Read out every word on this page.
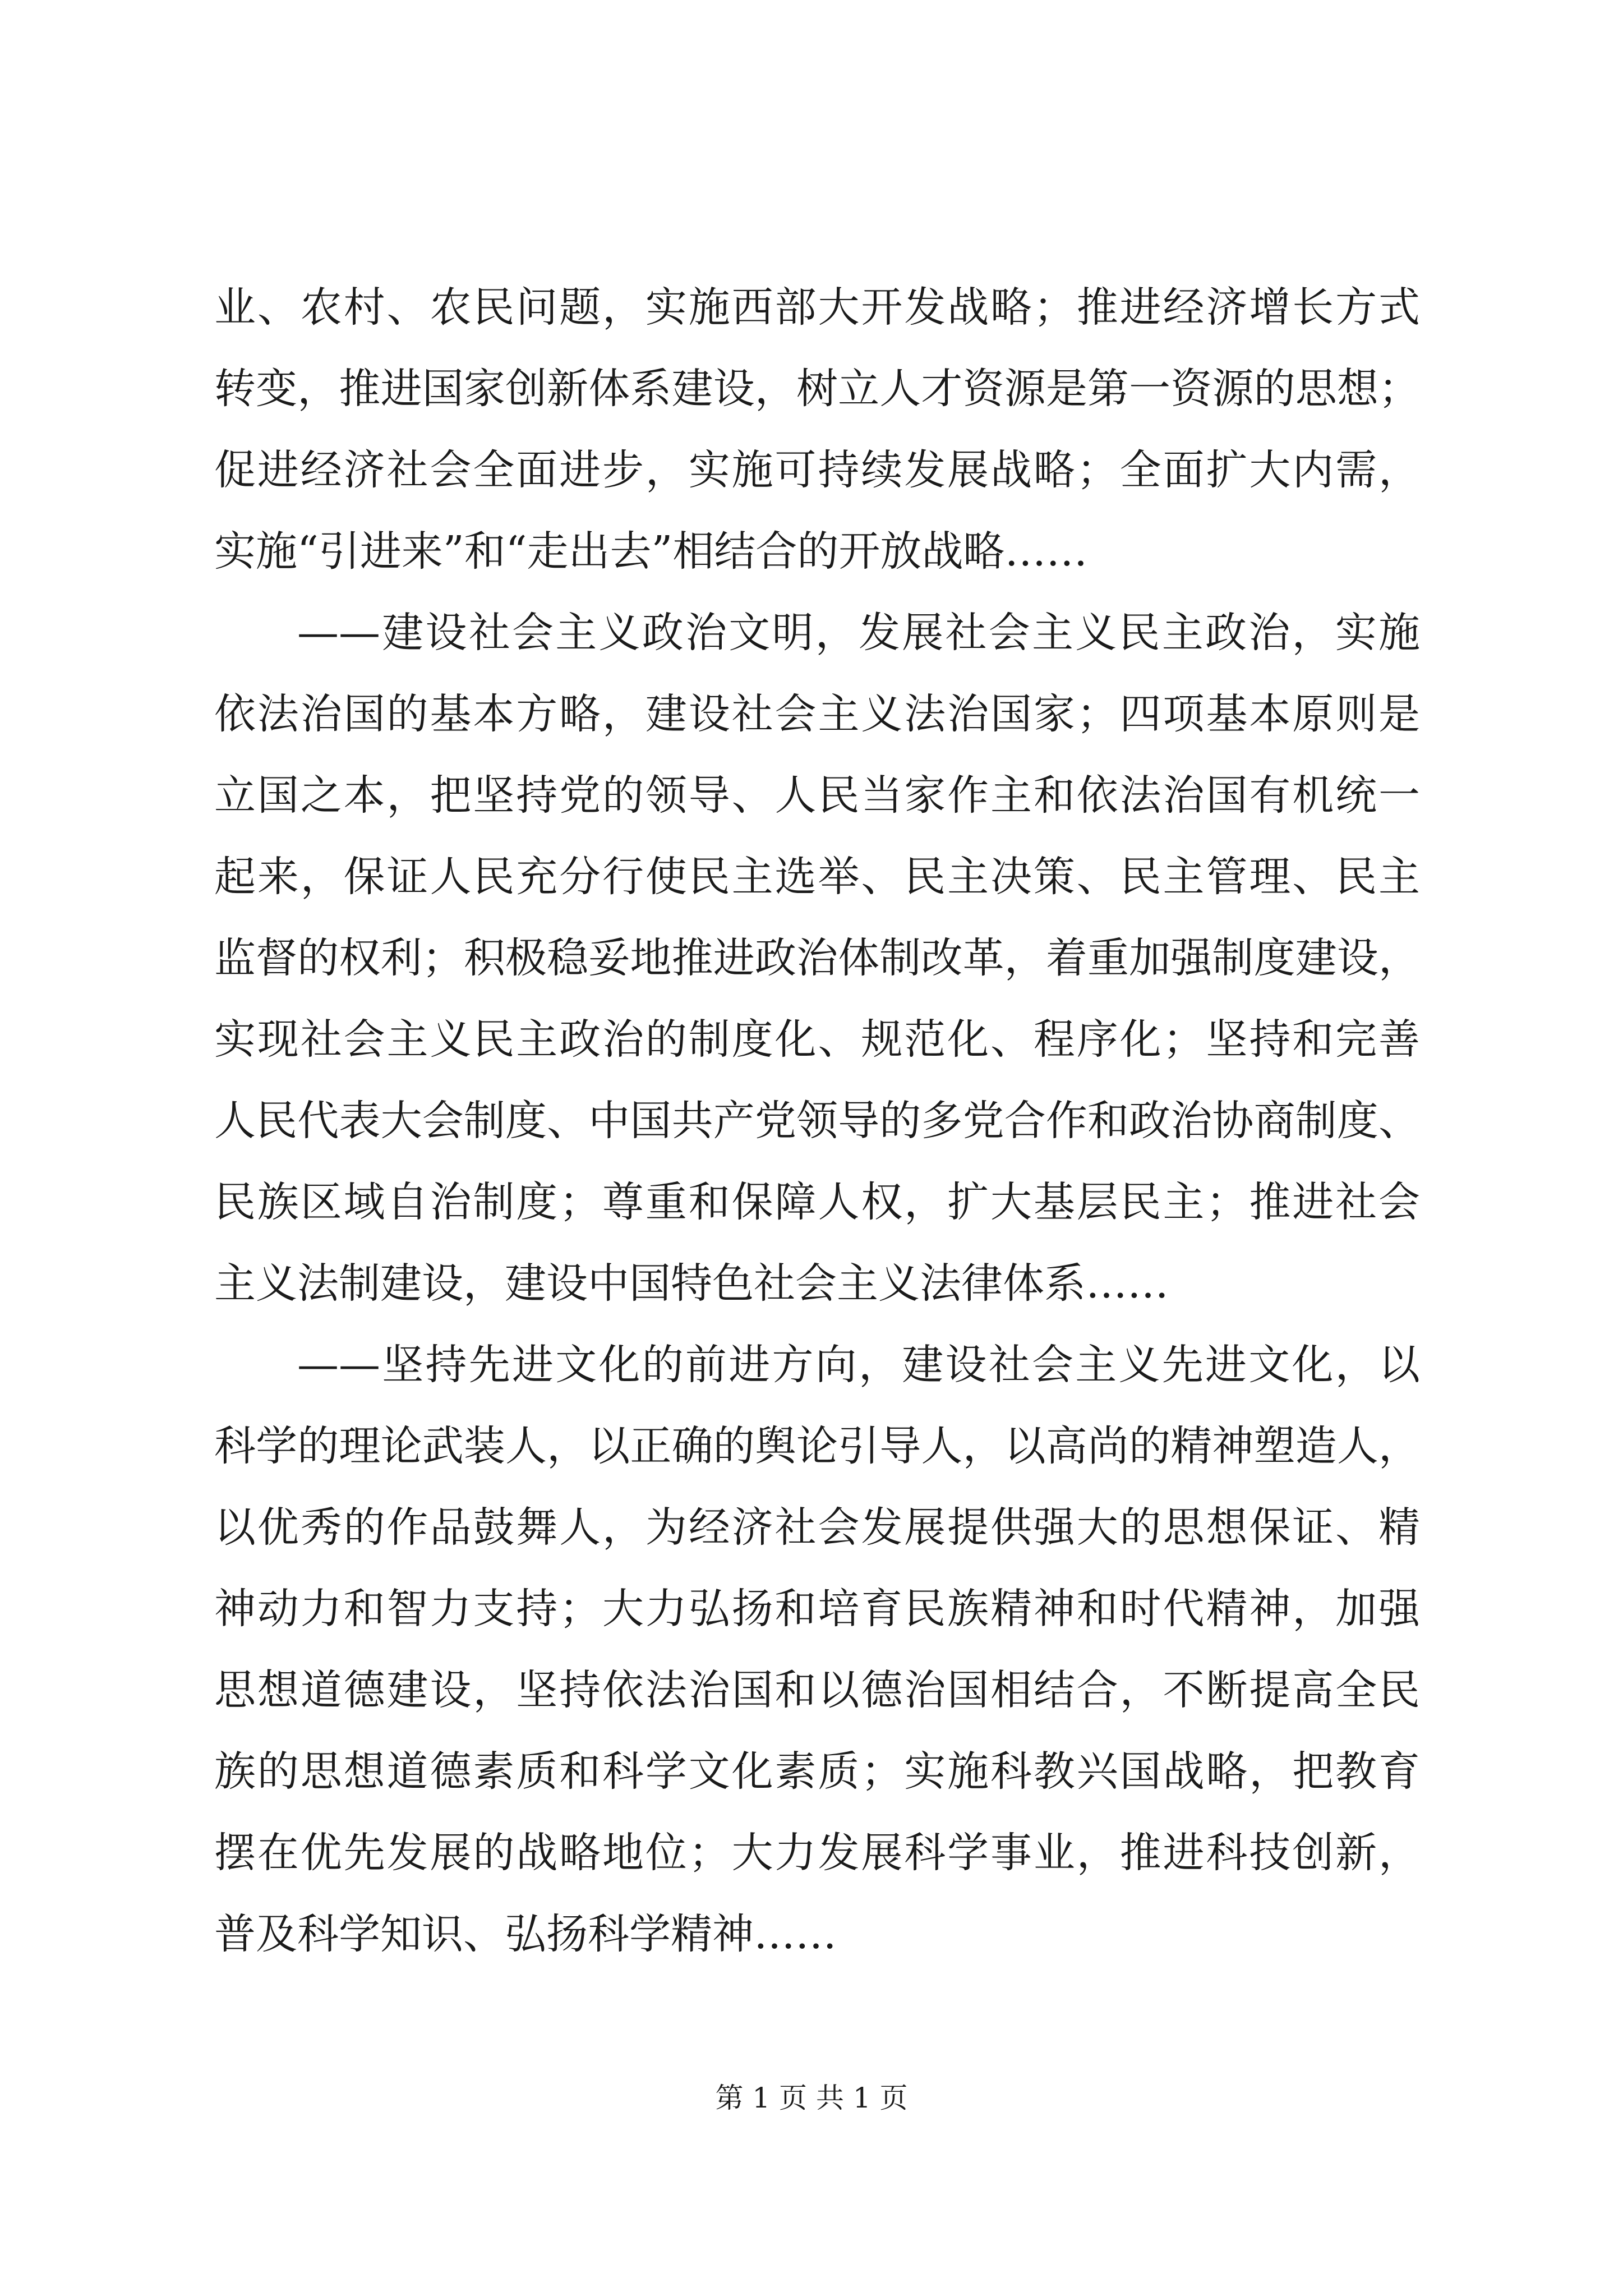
业、农村、农民问题，实施西部大开发战略；推进经济增长方式
转变，推进国家创新体系建设，树立人才资源是第一资源的思想；
促进经济社会全面进步，实施可持续发展战略；全面扩大内需，
实施“引进来”和“走出去”相结合的开放战略……
——建设社会主义政治文明，发展社会主义民主政治，实施
依法治国的基本方略，建设社会主义法治国家；四项基本原则是
立国之本，把坚持党的领导、人民当家作主和依法治国有机统一
起来，保证人民充分行使民主选举、民主决策、民主管理、民主
监督的权利；积极稳妥地推进政治体制改革，着重加强制度建设，
实现社会主义民主政治的制度化、规范化、程序化；坚持和完善
人民代表大会制度、中国共产党领导的多党合作和政治协商制度、
民族区域自治制度；尊重和保障人权，扩大基层民主；推进社会
主义法制建设，建设中国特色社会主义法律体系……
——坚持先进文化的前进方向，建设社会主义先进文化，以
科学的理论武装人，以正确的舆论引导人，以高尚的精神塑造人，
以优秀的作品鼓舞人，为经济社会发展提供强大的思想保证、精
神动力和智力支持；大力弘扬和培育民族精神和时代精神，加强
思想道德建设，坚持依法治国和以德治国相结合，不断提高全民
族的思想道德素质和科学文化素质；实施科教兴国战略，把教育
摆在优先发展的战略地位；大力发展科学事业，推进科技创新，
普及科学知识、弘扬科学精神……
第 1 页 共 1 页
